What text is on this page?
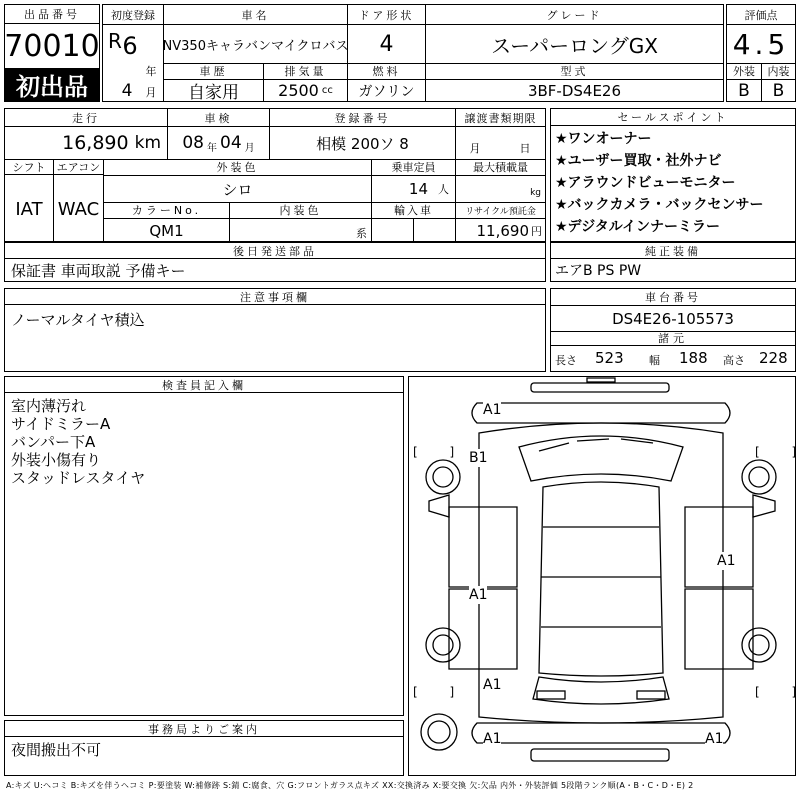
出品番号
70010
初出品
初度登録
R 6
年
4	月
車名
NV350キャラバンマイクロバス
ドア形状
4
グレード
スーパーロングGX
車歴
自家用
排気量
2500 cc
燃料
ガソリン
型式
3BF-DS4E26
評価点
4.5
外装	内装
B	B
走行
16,890 km
車検
08 年 04 月
登録番号
相模 200ソ 8
譲渡書類期限
月	日
シフト
IAT
エアコン
WAC
外装色
シロ
乗車定員
14 人
最大積載量
kg
カラーNo.
QM1
内装色
系
輸入車	リサイクル預託金
11,690 円
セールスポイント
★ワンオーナー
★ユーザー買取・社外ナビ
★アラウンドビューモニター
★バックカメラ・バックセンサー
★デジタルインナーミラー
後日発送部品
保証書 車両取説 予備キー
純正装備
エアB PS PW
注意事項欄
ノーマルタイヤ積込
車台番号
DS4E26-105573
諸元
長さ 523 幅 188 高さ 228
検査員記入欄
室内薄汚れ
サイドミラーA
バンパー下A
外装小傷有り
スタッドレスタイヤ
事務局よりご案内
夜間搬出不可
[ ]	[ ]
[ ]	[ ]
A1
B1
A1
A1
A1
A1	A1
A:キズ U:ヘコミ B:キズを伴うヘコミ P:要塗装 W:補修跡 S:錆 C:腐食、穴 G:フロントガラス点キズ XX:交換済み X:要交換 欠:欠品 内外・外装評価 5段階ランク順(A・B・C・D・E) 2
